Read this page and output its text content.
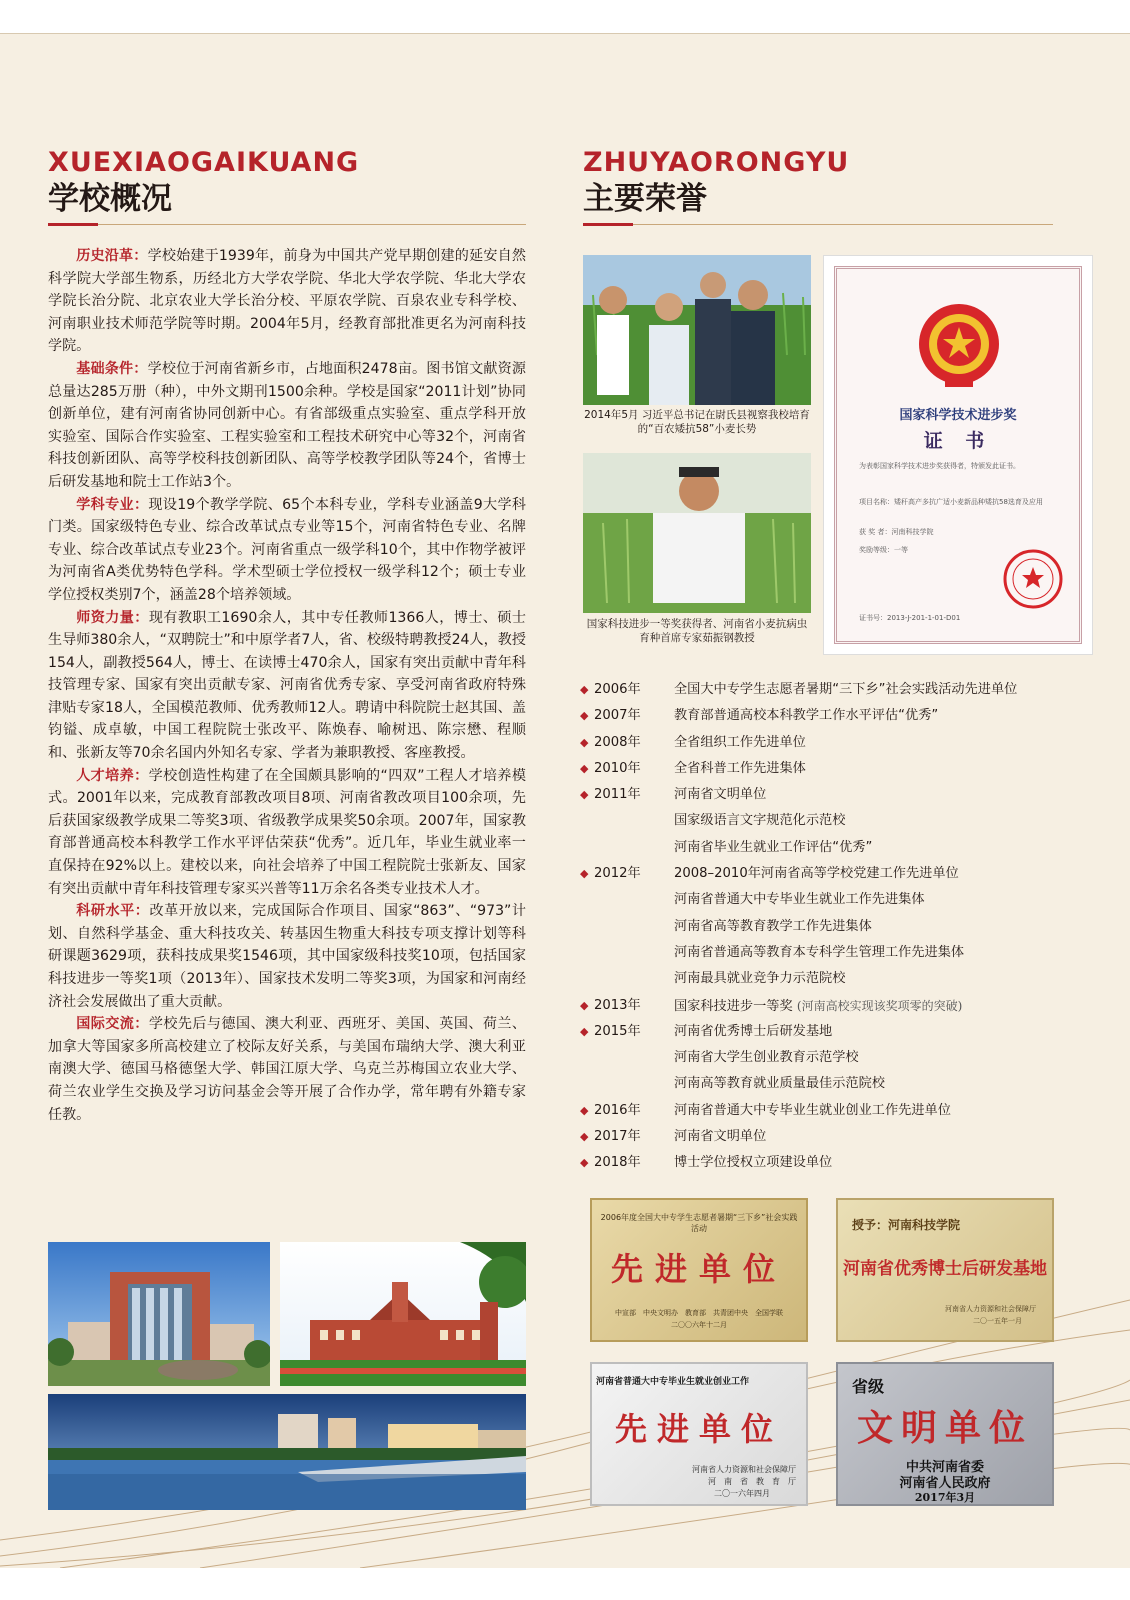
XUEXIAOGAIKUANG
学校概况

历史沿革：学校始建于1939年，前身为中国共产党早期创建的延安自然科学院大学部生物系，历经北方大学农学院、华北大学农学院、华北大学农学院长治分院、北京农业大学长治分校、平原农学院、百泉农业专科学校、河南职业技术师范学院等时期。2004年5月，经教育部批准更名为河南科技学院。

基础条件：学校位于河南省新乡市，占地面积2478亩。图书馆文献资源总量达285万册（种），中外文期刊1500余种。学校是国家“2011计划”协同创新单位，建有河南省协同创新中心。有省部级重点实验室、重点学科开放实验室、国际合作实验室、工程实验室和工程技术研究中心等32个，河南省科技创新团队、高等学校科技创新团队、高等学校教学团队等24个，省博士后研发基地和院士工作站3个。

学科专业：现设19个教学学院、65个本科专业，学科专业涵盖9大学科门类。国家级特色专业、综合改革试点专业等15个，河南省特色专业、名牌专业、综合改革试点专业23个。河南省重点一级学科10个，其中作物学被评为河南省A类优势特色学科。学术型硕士学位授权一级学科12个；硕士专业学位授权类别7个，涵盖28个培养领域。

师资力量：现有教职工1690余人，其中专任教师1366人，博士、硕士生导师380余人，“双聘院士”和中原学者7人，省、校级特聘教授24人，教授154人，副教授564人，博士、在读博士470余人，国家有突出贡献中青年科技管理专家、国家有突出贡献专家、河南省优秀专家、享受河南省政府特殊津贴专家18人，全国模范教师、优秀教师12人。聘请中科院院士赵其国、盖钧镒、成卓敏，中国工程院院士张改平、陈焕春、喻树迅、陈宗懋、程顺和、张新友等70余名国内外知名专家、学者为兼职教授、客座教授。

人才培养：学校创造性构建了在全国颇具影响的“四双”工程人才培养模式。2001年以来，完成教育部教改项目8项、河南省教改项目100余项，先后获国家级教学成果二等奖3项、省级教学成果奖50余项。2007年，国家教育部普通高校本科教学工作水平评估荣获“优秀”。近几年，毕业生就业率一直保持在92%以上。建校以来，向社会培养了中国工程院院士张新友、国家有突出贡献中青年科技管理专家买兴普等11万余名各类专业技术人才。

科研水平：改革开放以来，完成国际合作项目、国家“863”、“973”计划、自然科学基金、重大科技攻关、转基因生物重大科技专项支撑计划等科研课题3629项，获科技成果奖1546项，其中国家级科技奖10项，包括国家科技进步一等奖1项（2013年）、国家技术发明二等奖3项，为国家和河南经济社会发展做出了重大贡献。

国际交流：学校先后与德国、澳大利亚、西班牙、美国、英国、荷兰、加拿大等国家多所高校建立了校际友好关系，与美国布瑞纳大学、澳大利亚南澳大学、德国马格德堡大学、韩国江原大学、乌克兰苏梅国立农业大学、荷兰农业学生交换及学习访问基金会等开展了合作办学，常年聘有外籍专家任教。

ZHUYAORONGYU
主要荣誉
2014年5月 习近平总书记在尉氏县视察我校培育的“百农矮抗58”小麦长势
国家科技进步一等奖获得者、河南省小麦抗病虫育种首席专家茹振钢教授
国家科学技术进步奖
证 书
为表彰国家科学技术进步奖获得者，特颁发此证书。
项目名称：矮秆高产多抗广适小麦新品种矮抗58选育及应用
获 奖 者：河南科技学院
奖励等级：一等
证书号：2013-J-201-1-01-D01
◆ 2006年	全国大中专学生志愿者暑期“三下乡”社会实践活动先进单位
◆ 2007年	教育部普通高校本科教学工作水平评估“优秀”
◆ 2008年	全省组织工作先进单位
◆ 2010年	全省科普工作先进集体
◆ 2011年	河南省文明单位
国家级语言文字规范化示范校
河南省毕业生就业工作评估“优秀”
◆ 2012年	2008–2010年河南省高等学校党建工作先进单位
河南省普通大中专毕业生就业工作先进集体
河南省高等教育教学工作先进集体
河南省普通高等教育本专科学生管理工作先进集体
河南最具就业竞争力示范院校
◆ 2013年	国家科技进步一等奖 (河南高校实现该奖项零的突破)
◆ 2015年	河南省优秀博士后研发基地
河南省大学生创业教育示范学校
河南高等教育就业质量最佳示范院校
◆ 2016年	河南省普通大中专毕业生就业创业工作先进单位
◆ 2017年	河南省文明单位
◆ 2018年	博士学位授权立项建设单位
2006年度全国大中专学生志愿者暑期“三下乡”社会实践活动
先进单位
中宣部　中央文明办　教育部　共青团中央　全国学联
二〇〇六年十二月
授予：河南科技学院
河南省优秀博士后研发基地
河南省人力资源和社会保障厅
二〇一五年一月
河南省普通大中专毕业生就业创业工作
先进单位
河南省人力资源和社会保障厅
河　南　省　教　育　厅
二〇一六年四月
省级
文明单位
中共河南省委
河南省人民政府
2017年3月
